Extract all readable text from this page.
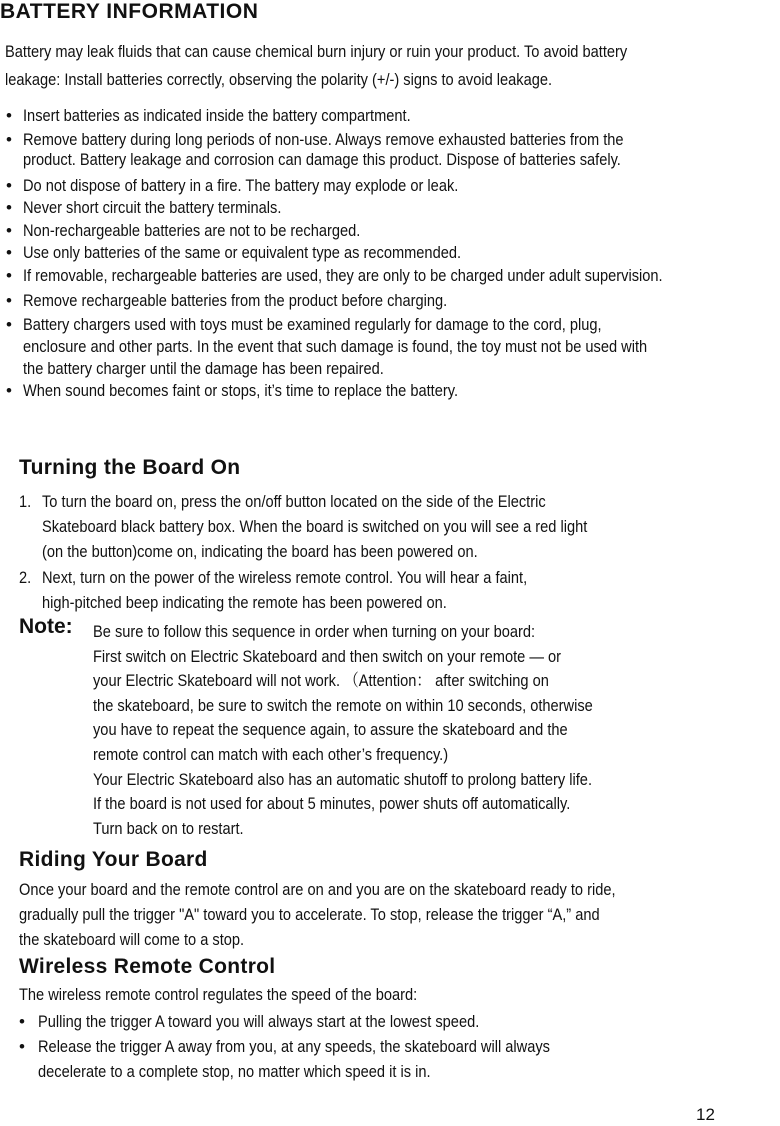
BATTERY INFORMATION
Battery may leak fluids that can cause chemical burn injury or ruin your product. To avoid battery
leakage: Install batteries correctly, observing the polarity (+/-) signs to avoid leakage.
• Insert batteries as indicated inside the battery compartment.
• Remove battery during long periods of non-use. Always remove exhausted batteries from the
product. Battery leakage and corrosion can damage this product. Dispose of batteries safely.
• Do not dispose of battery in a fire. The battery may explode or leak.
• Never short circuit the battery terminals.
• Non-rechargeable batteries are not to be recharged.
• Use only batteries of the same or equivalent type as recommended.
• If removable, rechargeable batteries are used, they are only to be charged under adult supervision.
• Remove rechargeable batteries from the product before charging.
• Battery chargers used with toys must be examined regularly for damage to the cord, plug,
enclosure and other parts. In the event that such damage is found, the toy must not be used with
the battery charger until the damage has been repaired.
• When sound becomes faint or stops, it’s time to replace the battery.
Turning the Board On
1. To turn the board on, press the on/off button located on the side of the Electric
Skateboard black battery box. When the board is switched on you will see a red light
(on the button)come on, indicating the board has been powered on.
2. Next, turn on the power of the wireless remote control. You will hear a faint,
high-pitched beep indicating the remote has been powered on.
Note: Be sure to follow this sequence in order when turning on your board:
First switch on Electric Skateboard and then switch on your remote — or
your Electric Skateboard will not work. （Attention： after switching on
the skateboard, be sure to switch the remote on within 10 seconds, otherwise
you have to repeat the sequence again, to assure the skateboard and the
remote control can match with each other’s frequency.)
Your Electric Skateboard also has an automatic shutoff to prolong battery life.
If the board is not used for about 5 minutes, power shuts off automatically.
Turn back on to restart.
Riding Your Board
Once your board and the remote control are on and you are on the skateboard ready to ride,
gradually pull the trigger "A" toward you to accelerate. To stop, release the trigger “A,” and
the skateboard will come to a stop.
Wireless Remote Control
The wireless remote control regulates the speed of the board:
• Pulling the trigger A toward you will always start at the lowest speed.
• Release the trigger A away from you, at any speeds, the skateboard will always
decelerate to a complete stop, no matter which speed it is in.
12
